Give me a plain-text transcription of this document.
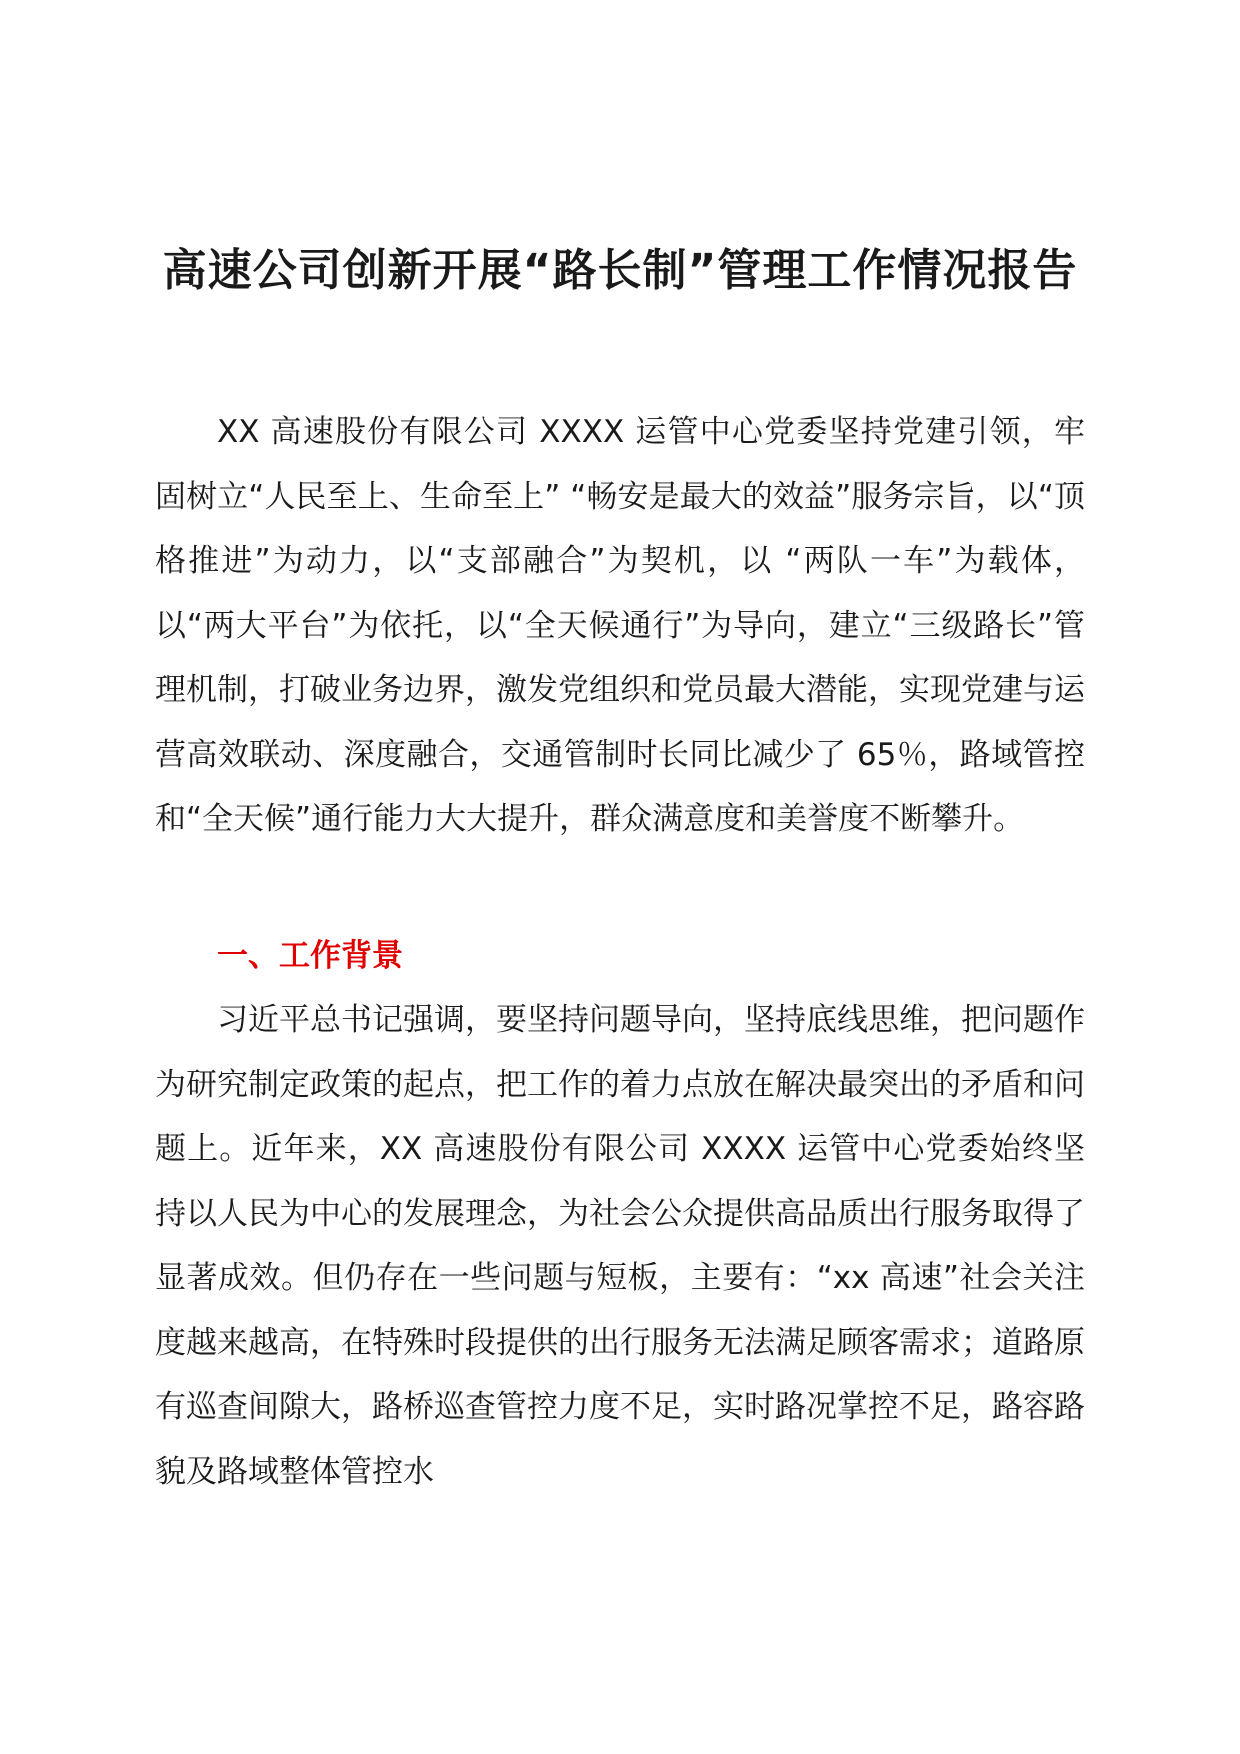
高速公司创新开展“路长制”管理工作情况报告

XX 高速股份有限公司 XXXX 运管中心党委坚持党建引领，牢固树立“人民至上、生命至上” “畅安是最大的效益”服务宗旨，以“顶格推进”为动力，以“支部融合”为契机，以 “两队一车”为载体，以“两大平台”为依托，以“全天候通行”为导向，建立“三级路长”管理机制，打破业务边界，激发党组织和党员最大潜能，实现党建与运营高效联动、深度融合，交通管制时长同比减少了 65％，路域管控和“全天候”通行能力大大提升，群众满意度和美誉度不断攀升。

一、工作背景

习近平总书记强调，要坚持问题导向，坚持底线思维，把问题作为研究制定政策的起点，把工作的着力点放在解决最突出的矛盾和问题上。近年来，XX 高速股份有限公司 XXXX 运管中心党委始终坚持以人民为中心的发展理念，为社会公众提供高品质出行服务取得了显著成效。但仍存在一些问题与短板，主要有：“xx 高速”社会关注度越来越高，在特殊时段提供的出行服务无法满足顾客需求；道路原有巡查间隙大，路桥巡查管控力度不足，实时路况掌控不足，路容路貌及路域整体管控水
